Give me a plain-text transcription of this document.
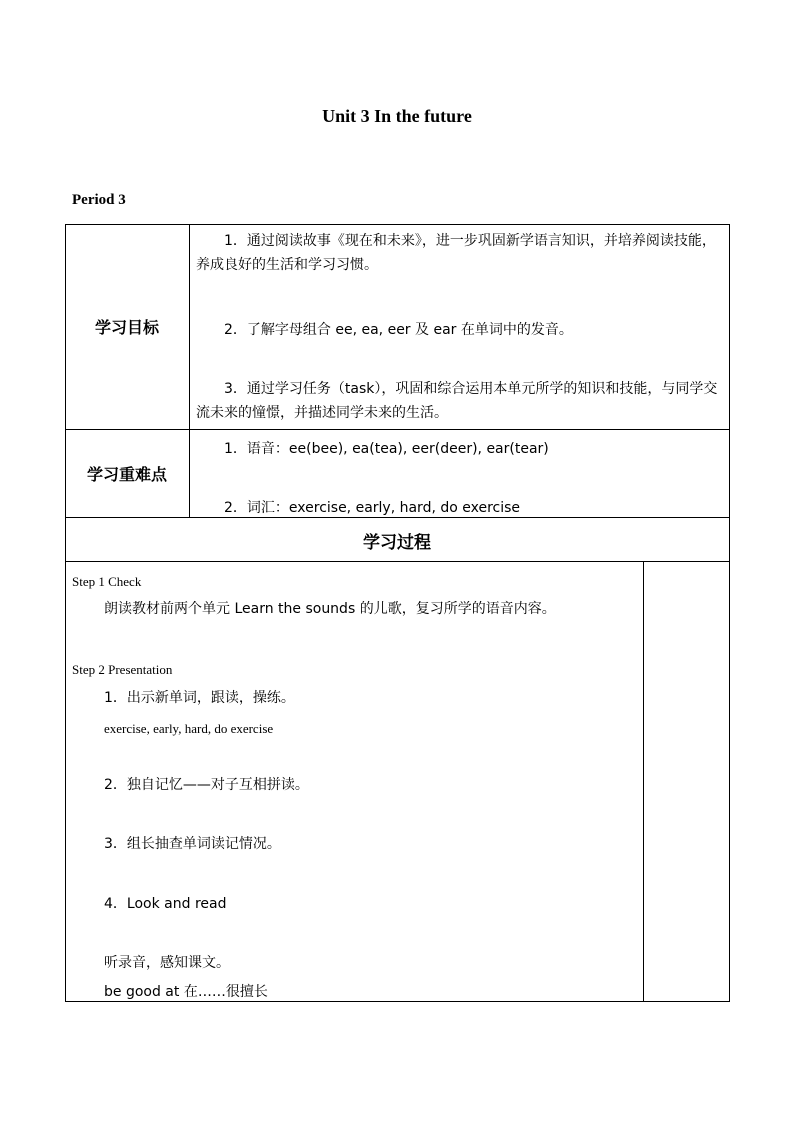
Unit 3 In the future
Period 3
学习目标
1．通过阅读故事《现在和未来》，进一步巩固新学语言知识，并培养阅读技能，养成良好的生活和学习习惯。
2．了解字母组合 ee, ea, eer 及 ear 在单词中的发音。
3．通过学习任务（task），巩固和综合运用本单元所学的知识和技能，与同学交流未来的憧憬，并描述同学未来的生活。
学习重难点
1．语音：ee(bee), ea(tea), eer(deer), ear(tear)
2．词汇：exercise, early, hard, do exercise
学习过程
Step 1 Check
朗读教材前两个单元 Learn the sounds 的儿歌，复习所学的语音内容。
Step 2 Presentation
1．出示新单词，跟读，操练。
exercise, early, hard, do exercise
2．独自记忆——对子互相拼读。
3．组长抽查单词读记情况。
4．Look and read
听录音，感知课文。
be good at 在……很擅长
